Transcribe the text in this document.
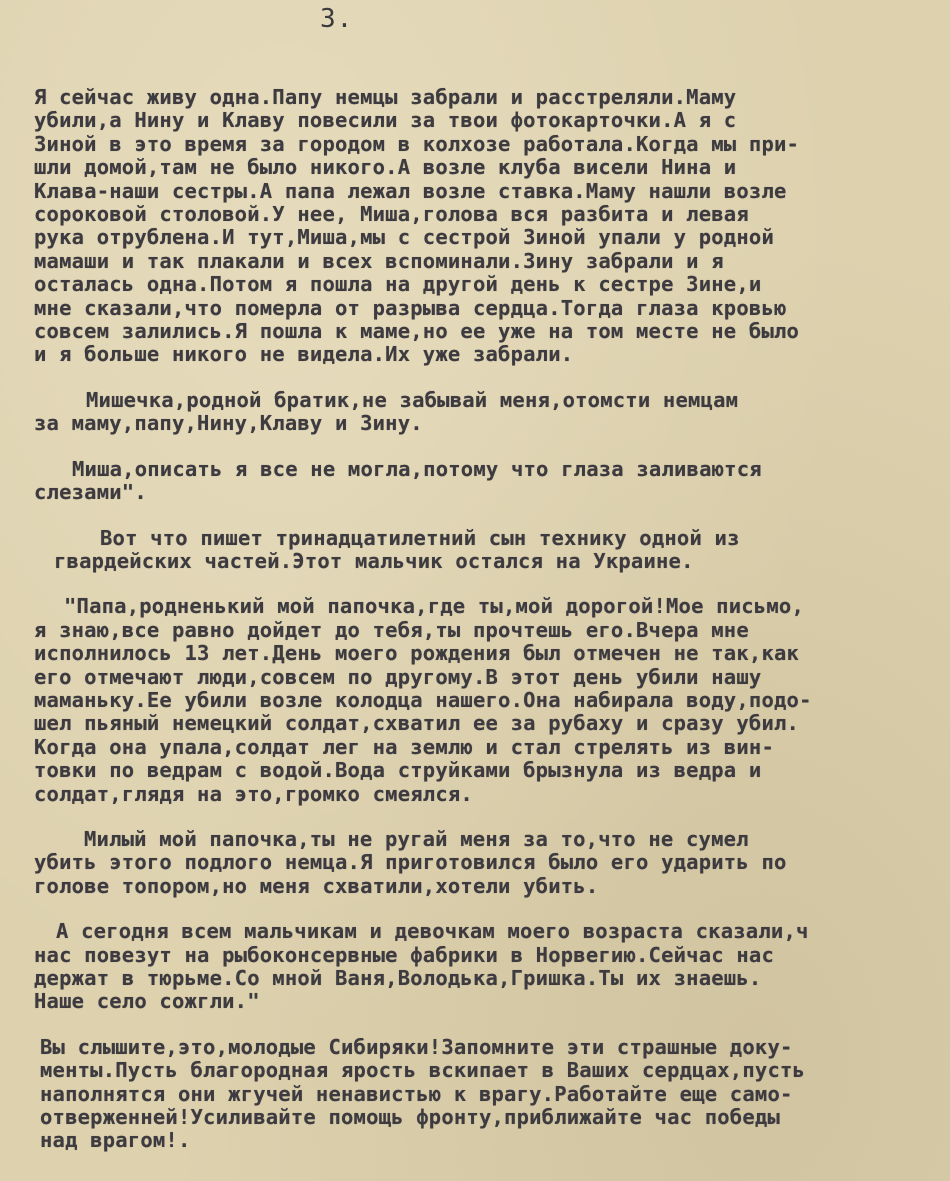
3.
Я сейчас живу одна.Папу немцы забрали и расстреляли.Маму
убили,а Нину и Клаву повесили за твои фотокарточки.А я с
Зиной в это время за городом в колхозе работала.Когда мы при-
шли домой,там не было никого.А возле клуба висели Нина и
Клава-наши сестры.А папа лежал возле ставка.Маму нашли возле
сороковой столовой.У нее, Миша,голова вся разбита и левая
рука отрублена.И тут,Миша,мы с сестрой Зиной упали у родной
мамаши и так плакали и всех вспоминали.Зину забрали и я
осталась одна.Потом я пошла на другой день к сестре Зине,и
мне сказали,что померла от разрыва сердца.Тогда глаза кровью
совсем залились.Я пошла к маме,но ее уже на том месте не было
и я больше никого не видела.Их уже забрали.
Мишечка,родной братик,не забывай меня,отомсти немцам
за маму,папу,Нину,Клаву и Зину.
Миша,описать я все не могла,потому что глаза заливаются
слезами".
Вот что пишет тринадцатилетний сын технику одной из
гвардейских частей.Этот мальчик остался на Украине.
"Папа,родненький мой папочка,где ты,мой дорогой!Мое письмо,
я знаю,все равно дойдет до тебя,ты прочтешь его.Вчера мне
исполнилось 13 лет.День моего рождения был отмечен не так,как
его отмечают люди,совсем по другому.В этот день убили нашу
маманьку.Ее убили возле колодца нашего.Она набирала воду,подо-
шел пьяный немецкий солдат,схватил ее за рубаху и сразу убил.
Когда она упала,солдат лег на землю и стал стрелять из вин-
товки по ведрам с водой.Вода струйками брызнула из ведра и
солдат,глядя на это,громко смеялся.
Милый мой папочка,ты не ругай меня за то,что не сумел
убить этого подлого немца.Я приготовился было его ударить по
голове топором,но меня схватили,хотели убить.
А сегодня всем мальчикам и девочкам моего возраста сказали,ч
нас повезут на рыбоконсервные фабрики в Норвегию.Сейчас нас
держат в тюрьме.Со мной Ваня,Володька,Гришка.Ты их знаешь.
Наше село сожгли."
Вы слышите,это,молодые Сибиряки!Запомните эти страшные доку-
менты.Пусть благородная ярость вскипает в Ваших сердцах,пусть
наполнятся они жгучей ненавистью к врагу.Работайте еще само-
отверженней!Усиливайте помощь фронту,приближайте час победы
над врагом!.
